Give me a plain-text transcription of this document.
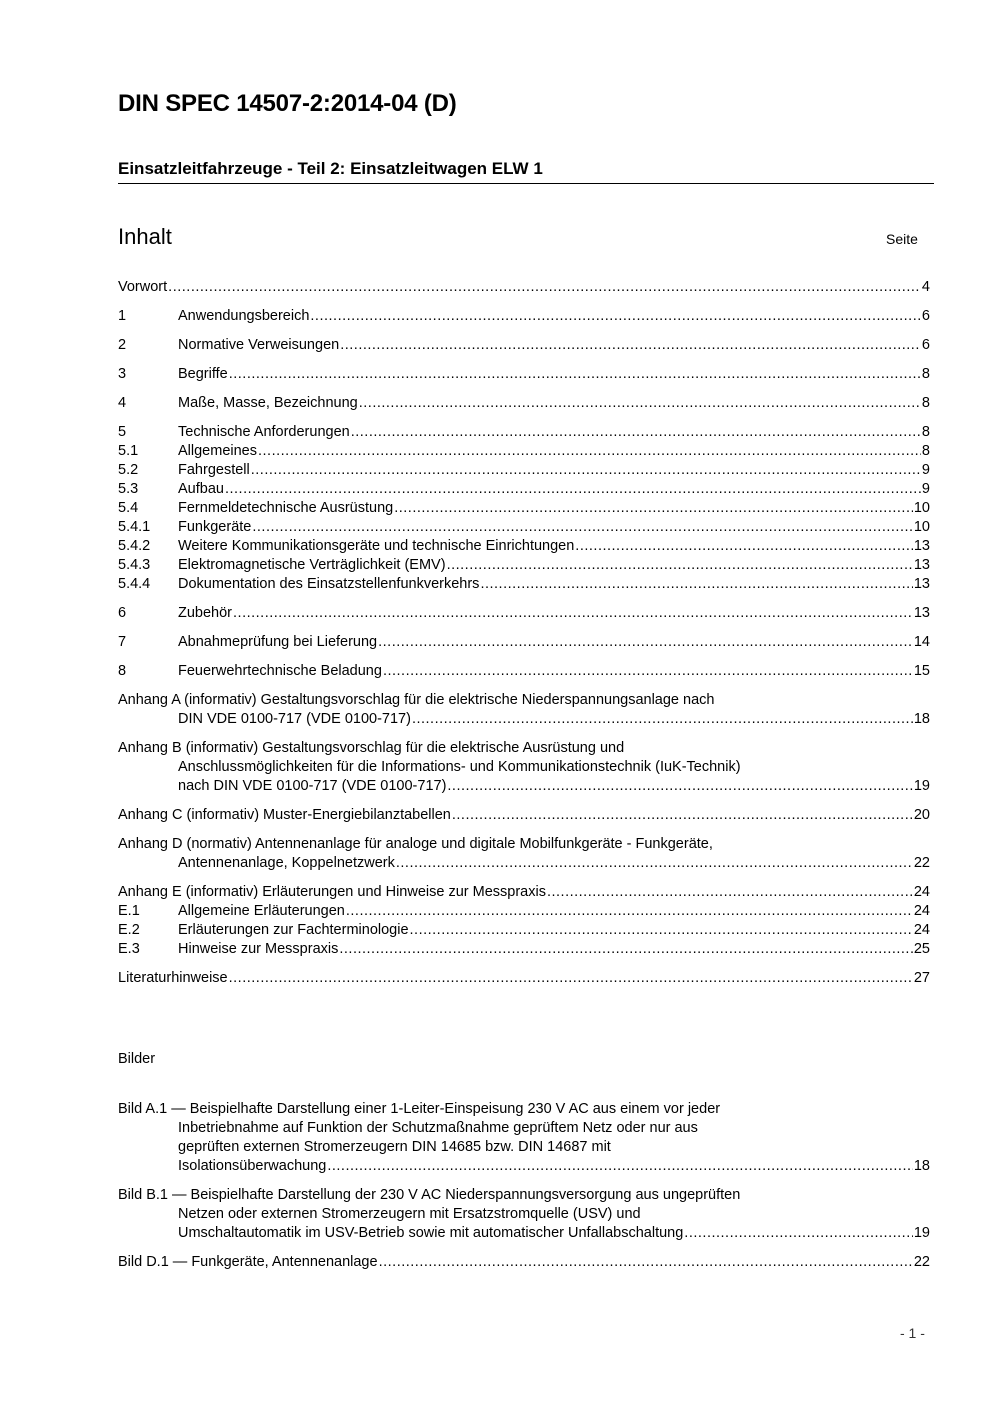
DIN SPEC 14507-2:2014-04 (D)
Einsatzleitfahrzeuge - Teil 2: Einsatzleitwagen ELW 1
Inhalt	Seite
Vorwort .....	4
1	Anwendungsbereich .....	6
2	Normative Verweisungen .....	6
3	Begriffe .....	8
4	Maße, Masse, Bezeichnung .....	8
5	Technische Anforderungen .....	8
5.1	Allgemeines .....	8
5.2	Fahrgestell .....	9
5.3	Aufbau .....	9
5.4	Fernmeldetechnische Ausrüstung .....	10
5.4.1	Funkgeräte .....	10
5.4.2	Weitere Kommunikationsgeräte und technische Einrichtungen .....	13
5.4.3	Elektromagnetische Verträglichkeit (EMV) .....	13
5.4.4	Dokumentation des Einsatzstellenfunkverkehrs .....	13
6	Zubehör .....	13
7	Abnahmeprüfung bei Lieferung .....	14
8	Feuerwehrtechnische Beladung .....	15
Anhang A (informativ) Gestaltungsvorschlag für die elektrische Niederspannungsanlage nach
DIN VDE 0100-717 (VDE 0100-717) .....	18
Anhang B (informativ) Gestaltungsvorschlag für die elektrische Ausrüstung und
Anschlussmöglichkeiten für die Informations- und Kommunikationstechnik (IuK-Technik)
nach DIN VDE 0100-717 (VDE 0100-717) .....	19
Anhang C (informativ) Muster-Energiebilanztabellen .....	20
Anhang D (normativ) Antennenanlage für analoge und digitale Mobilfunkgeräte - Funkgeräte,
Antennenanlage, Koppelnetzwerk .....	22
Anhang E (informativ) Erläuterungen und Hinweise zur Messpraxis .....	24
E.1	Allgemeine Erläuterungen .....	24
E.2	Erläuterungen zur Fachterminologie .....	24
E.3	Hinweise zur Messpraxis .....	25
Literaturhinweise .....	27
Bilder
Bild A.1 — Beispielhafte Darstellung einer 1-Leiter-Einspeisung 230 V AC aus einem vor jeder
Inbetriebnahme auf Funktion der Schutzmaßnahme geprüftem Netz oder nur aus
geprüften externen Stromerzeugern DIN 14685 bzw. DIN 14687 mit
Isolationsüberwachung .....	18
Bild B.1 — Beispielhafte Darstellung der 230 V AC Niederspannungsversorgung aus ungeprüften
Netzen oder externen Stromerzeugern mit Ersatzstromquelle (USV) und
Umschaltautomatik im USV-Betrieb sowie mit automatischer Unfallabschaltung .....	19
Bild D.1 — Funkgeräte, Antennenanlage .....	22
- 1 -
